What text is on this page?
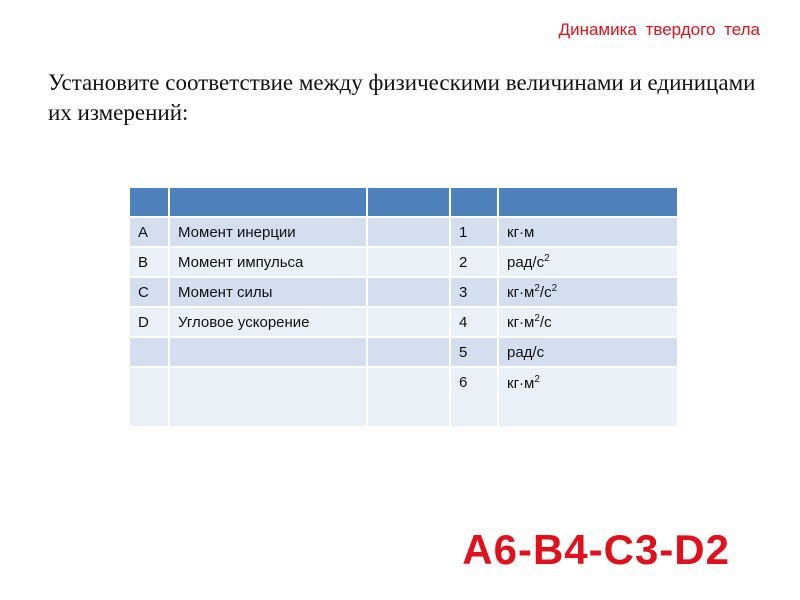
Динамика твердого тела
Установите соответствие между физическими величинами и единицами их измерений:

A	Момент инерции		1	кг·м
B	Момент импульса		2	рад/$с^2$
C	Момент силы		3	$кг\cdot м^2/с^2$
D	Угловое ускорение		4	$кг\cdot м^2/с$
			5	рад/с
			6	$кг\cdot м^2$
A6-B4-C3-D2
